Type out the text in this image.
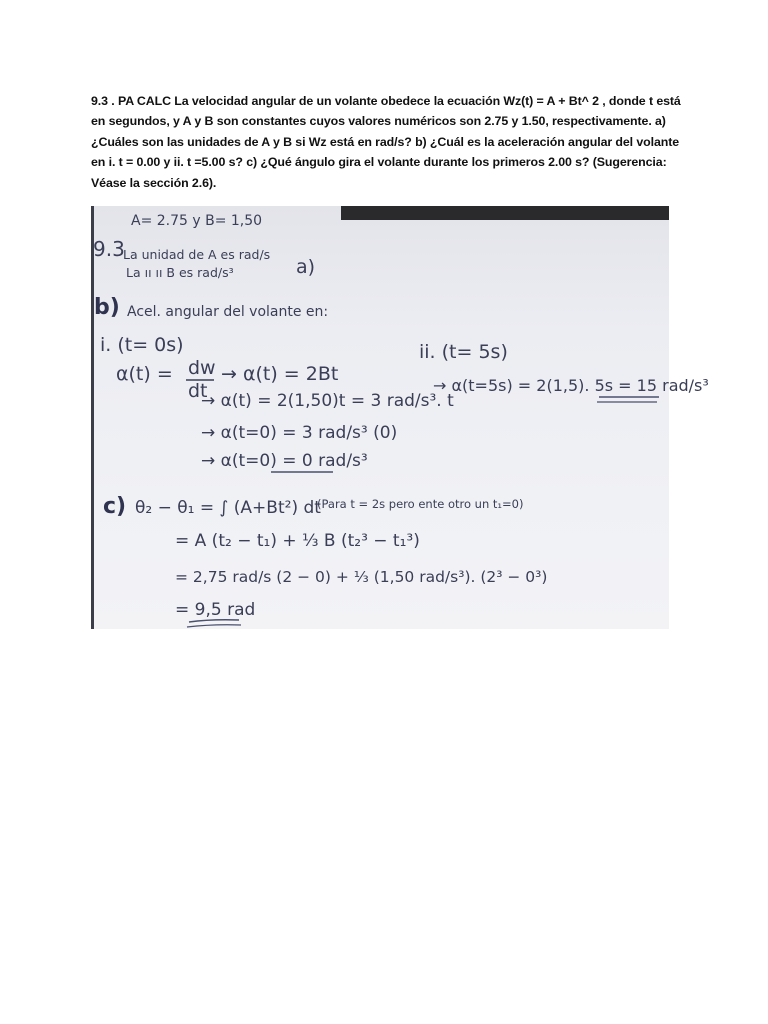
9.3 . PA CALC La velocidad angular de un volante obedece la ecuación Wz(t) = A + Bt^ 2 , donde t está en segundos, y A y B son constantes cuyos valores numéricos son 2.75 y 1.50, respectivamente. a) ¿Cuáles son las unidades de A y B si Wz está en rad/s? b) ¿Cuál es la aceleración angular del volante en i. t = 0.00 y ii. t =5.00 s? c) ¿Qué ángulo gira el volante durante los primeros 2.00 s? (Sugerencia: Véase la sección 2.6).
A= 2.75 y B= 1,50
9.3
La unidad de A es rad/s
La ıı ıı B es rad/s³	a)
b) Acel. angular del volante en:
i. (t= 0s)
α(t) = dw
dt
→ α(t) = 2Bt
→ α(t) = 2(1,50)t = 3 rad/s³. t
→ α(t=0) = 3 rad/s³ (0)
→ α(t=0) = 0 rad/s³
ii. (t= 5s)
→ α(t=5s) = 2(1,5). 5s = 15 rad/s³
c) θ₂ − θ₁ = ∫ (A+Bt²) dt
(Para t = 2s pero ente otro un t₁=0)
= A (t₂ − t₁) + ⅓ B (t₂³ − t₁³)
= 2,75 rad/s (2 − 0) + ⅓ (1,50 rad/s³). (2³ − 0³)
= 9,5 rad
